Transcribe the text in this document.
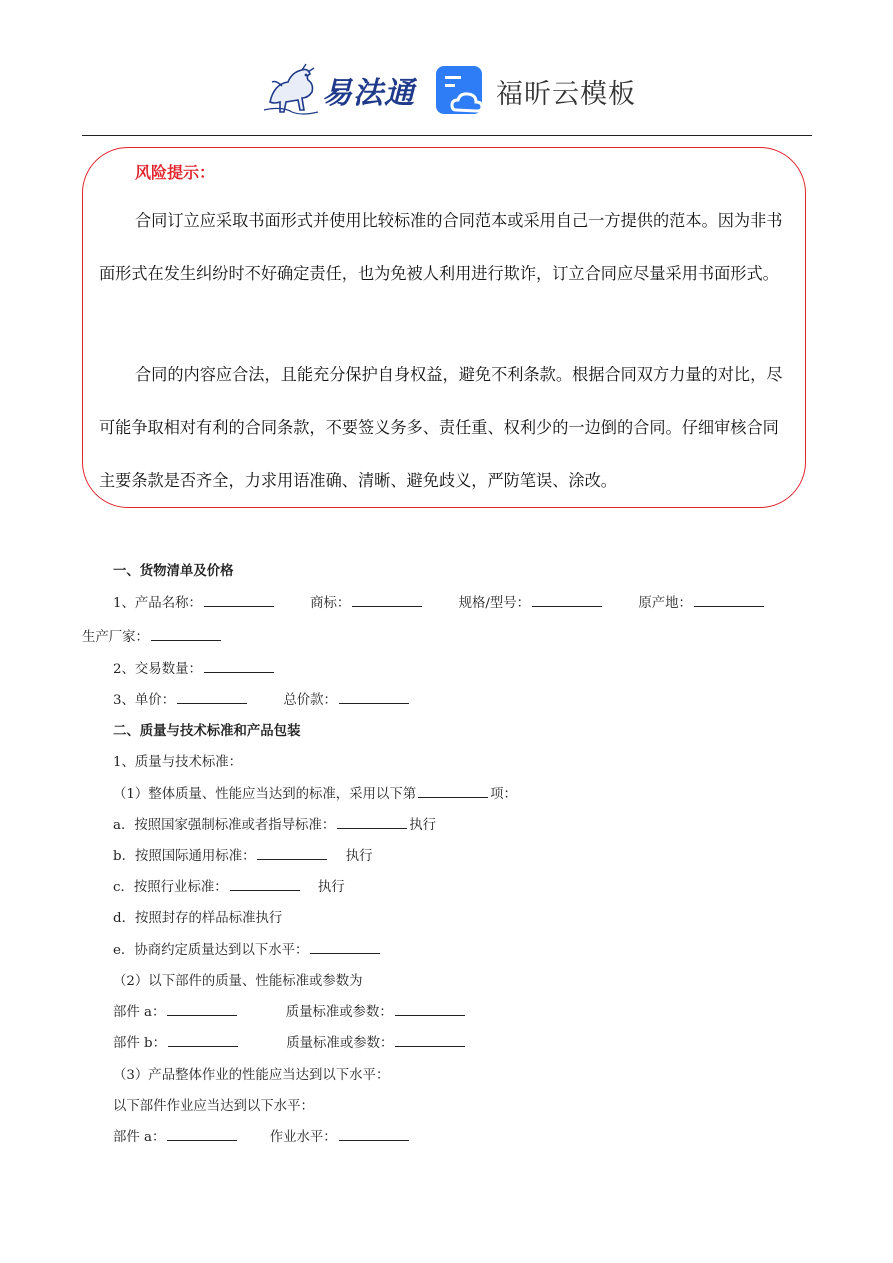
易法通	福昕云模板
风险提示：

合同订立应采取书面形式并使用比较标准的合同范本或采用自己一方提供的范本。因为非书面形式在发生纠纷时不好确定责任，也为免被人利用进行欺诈，订立合同应尽量采用书面形式。

合同的内容应合法，且能充分保护自身权益，避免不利条款。根据合同双方力量的对比，尽可能争取相对有利的合同条款，不要签义务多、责任重、权利少的一边倒的合同。仔细审核合同主要条款是否齐全，力求用语准确、清晰、避免歧义，严防笔误、涂改。

一、货物清单及价格
1、产品名称：	商标：	规格/型号：	原产地：
生产厂家：
2、交易数量：
3、单价：	总价款：
二、质量与技术标准和产品包装
1、质量与技术标准：
（1）整体质量、性能应当达到的标准，采用以下第	项：
a．按照国家强制标准或者指导标准：	执行
b．按照国际通用标准：	执行
c．按照行业标准：	执行
d．按照封存的样品标准执行
e．协商约定质量达到以下水平：
（2）以下部件的质量、性能标准或参数为
部件 a：	质量标准或参数：
部件 b：	质量标准或参数：
（3）产品整体作业的性能应当达到以下水平：
以下部件作业应当达到以下水平：
部件 a：	作业水平：
